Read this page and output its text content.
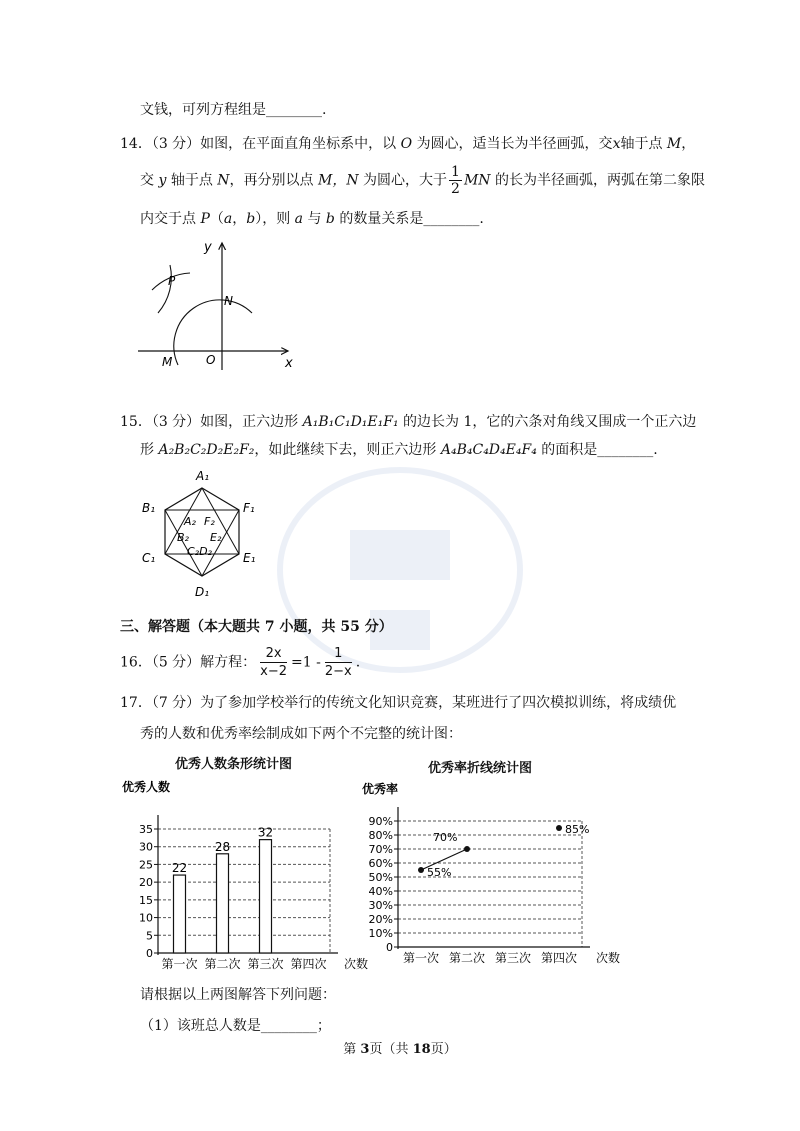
文钱，可列方程组是________.
14．（3 分）如图，在平面直角坐标系中，以 O 为圆心，适当长为半径画弧，交x轴于点 M，
交 y 轴于点 N，再分别以点 M，N 为圆心，大于 $\frac{1}{2}$ MN 的长为半径画弧，两弧在第二象限
内交于点 P（a，b），则 a 与 b 的数量关系是________.
y
x
P
N
M	O
15．（3 分）如图，正六边形 A₁B₁C₁D₁E₁F₁ 的边长为 1，它的六条对角线又围成一个正六边
形 A₂B₂C₂D₂E₂F₂，如此继续下去，则正六边形 A₄B₄C₄D₄E₄F₄ 的面积是________.
A₁
B₁	F₁
C₁	E₁
D₁
A₂ F₂
B₂ E₂
C₂D₂
三、解答题（本大题共 7 小题，共 55 分）
16．（5 分）解方程： $\frac{2x}{x-2} =1 - \frac{1}{2-x}$ .
17．（7 分）为了参加学校举行的传统文化知识竞赛，某班进行了四次模拟训练，将成绩优
秀的人数和优秀率绘制成如下两个不完整的统计图：
优秀人数条形统计图
优秀人数
0
5
10
15
20
25
30
35
第一次 第二次 第三次 第四次 次数
22
28
32
优秀率折线统计图
优秀率
0
10%
20%
30%
40%
50%
60%
70%
80%
90%
第一次 第二次 第三次 第四次 次数
55%
70%
85%
请根据以上两图解答下列问题：
（1）该班总人数是________；
第 3页（共 18页）
